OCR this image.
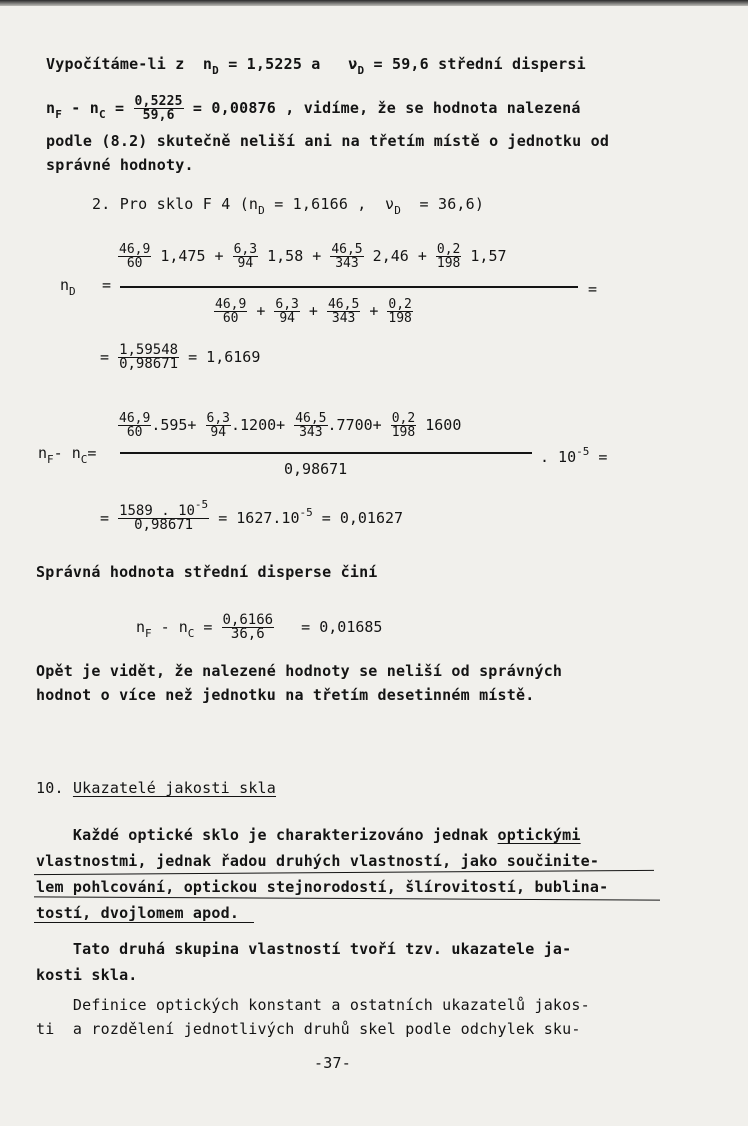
Vypočítáme-li z  $n_D = 1,5225$ a   $\nu_D = 59,6$ střední dispersi
$n_F - n_C = \frac{0,5225}{59,6} = 0,00876$ , vidíme, že se hodnota nalezená
podle (8.2) skutečně neliší ani na třetím místě o jednotku od
správné hodnoty.
2. Pro sklo F 4 ($n_D = 1,6166$ ,  $\nu_D = 36,6$)
$n_D$ =
$\frac{46,9}{60} 1,475 + \frac{6,3}{94} 1,58 + \frac{46,5}{343} 2,46 + \frac{0,2}{198} 1,57$
=
$\frac{46,9}{60} + \frac{6,3}{94} + \frac{46,5}{343} + \frac{0,2}{198}$
= $\frac{1,59548}{0,98671} = 1,6169$
$\frac{46,9}{60} .595+ \frac{6,3}{94} .1200+ \frac{46,5}{343} .7700+ \frac{0,2}{198} 1600$
$n_F-$ $n_C=$	. $10^{-5}$ =
0,98671
= $\frac{1589 . 10^{-5}}{0,98671} = 1627.10^{-5} = 0,01627$
Správná hodnota střední disperse činí
$n_F - n_C = \frac{0,6166}{36,6} = 0,01685$
Opět je vidět, že nalezené hodnoty se neliší od správných
hodnot o více než jednotku na třetím desetinném místě.
10. Ukazatelé jakosti skla
Každé optické sklo je charakterizováno jednak optickými
vlastnostmi, jednak řadou druhých vlastností, jako součinite-
lem pohlcování, optickou stejnorodostí, šlírovitostí, bublina-
tostí, dvojlomem apod.
Tato druhá skupina vlastností tvoří tzv. ukazatele ja-
kosti skla.
Definice optických konstant a ostatních ukazatelů jakos-
ti  a rozdělení jednotlivých druhů skel podle odchylek sku-
-37-
